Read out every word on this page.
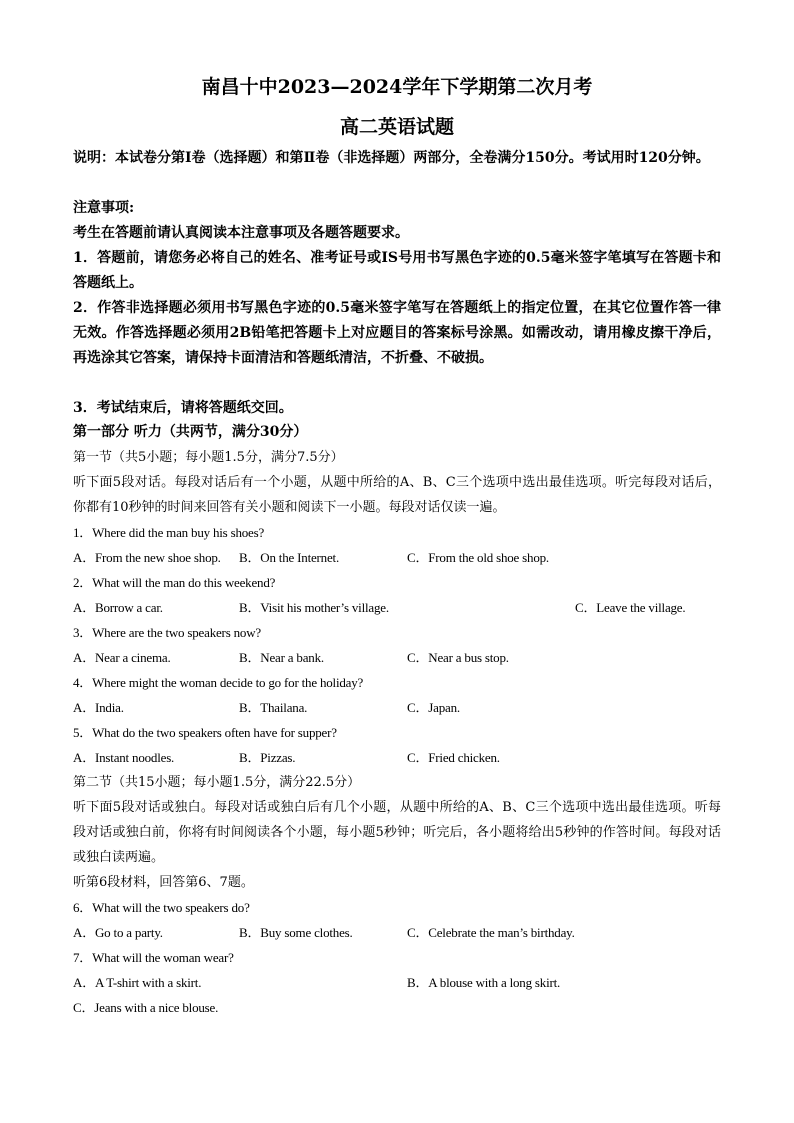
南昌十中2023—2024学年下学期第二次月考
高二英语试题
说明：本试卷分第Ⅰ卷（选择题）和第Ⅱ卷（非选择题）两部分，全卷满分150分。考试用时120分钟。
注意事项:
考生在答题前请认真阅读本注意事项及各题答题要求。
1．答题前，请您务必将自己的姓名、准考证号或IS号用书写黑色字迹的0.5毫米签字笔填写在答题卡和答题纸上。
2．作答非选择题必须用书写黑色字迹的0.5毫米签字笔写在答题纸上的指定位置，在其它位置作答一律无效。作答选择题必须用2B铅笔把答题卡上对应题目的答案标号涂黑。如需改动，请用橡皮擦干净后，再选涂其它答案，请保持卡面清洁和答题纸清洁，不折叠、不破损。
3．考试结束后，请将答题纸交回。
第一部分 听力（共两节，满分30分）
第一节（共5小题；每小题1.5分，满分7.5分）
听下面5段对话。每段对话后有一个小题，从题中所给的A、B、C三个选项中选出最佳选项。听完每段对话后，你都有10秒钟的时间来回答有关小题和阅读下一小题。每段对话仅读一遍。
1．Where did the man buy his shoes?
A．From the new shoe shop. B．On the Internet.	C．From the old shoe shop.
2．What will the man do this weekend?
A．Borrow a car.	B．Visit his mother’s village.	C．Leave the village.
3．Where are the two speakers now?
A．Near a cinema.	B．Near a bank.	C．Near a bus stop.
4．Where might the woman decide to go for the holiday?
A．India.	B．Thailana.	C．Japan.
5．What do the two speakers often have for supper?
A．Instant noodles.	B．Pizzas.	C．Fried chicken.
第二节（共15小题；每小题1.5分，满分22.5分）
听下面5段对话或独白。每段对话或独白后有几个小题，从题中所给的A、B、C三个选项中选出最佳选项。听每段对话或独白前，你将有时间阅读各个小题，每小题5秒钟；听完后，各小题将给出5秒钟的作答时间。每段对话或独白读两遍。
听第6段材料，回答第6、7题。
6．What will the two speakers do?
A．Go to a party.	B．Buy some clothes.	C．Celebrate the man’s birthday.
7．What will the woman wear?
A．A T-shirt with a skirt.	B．A blouse with a long skirt.
C．Jeans with a nice blouse.
